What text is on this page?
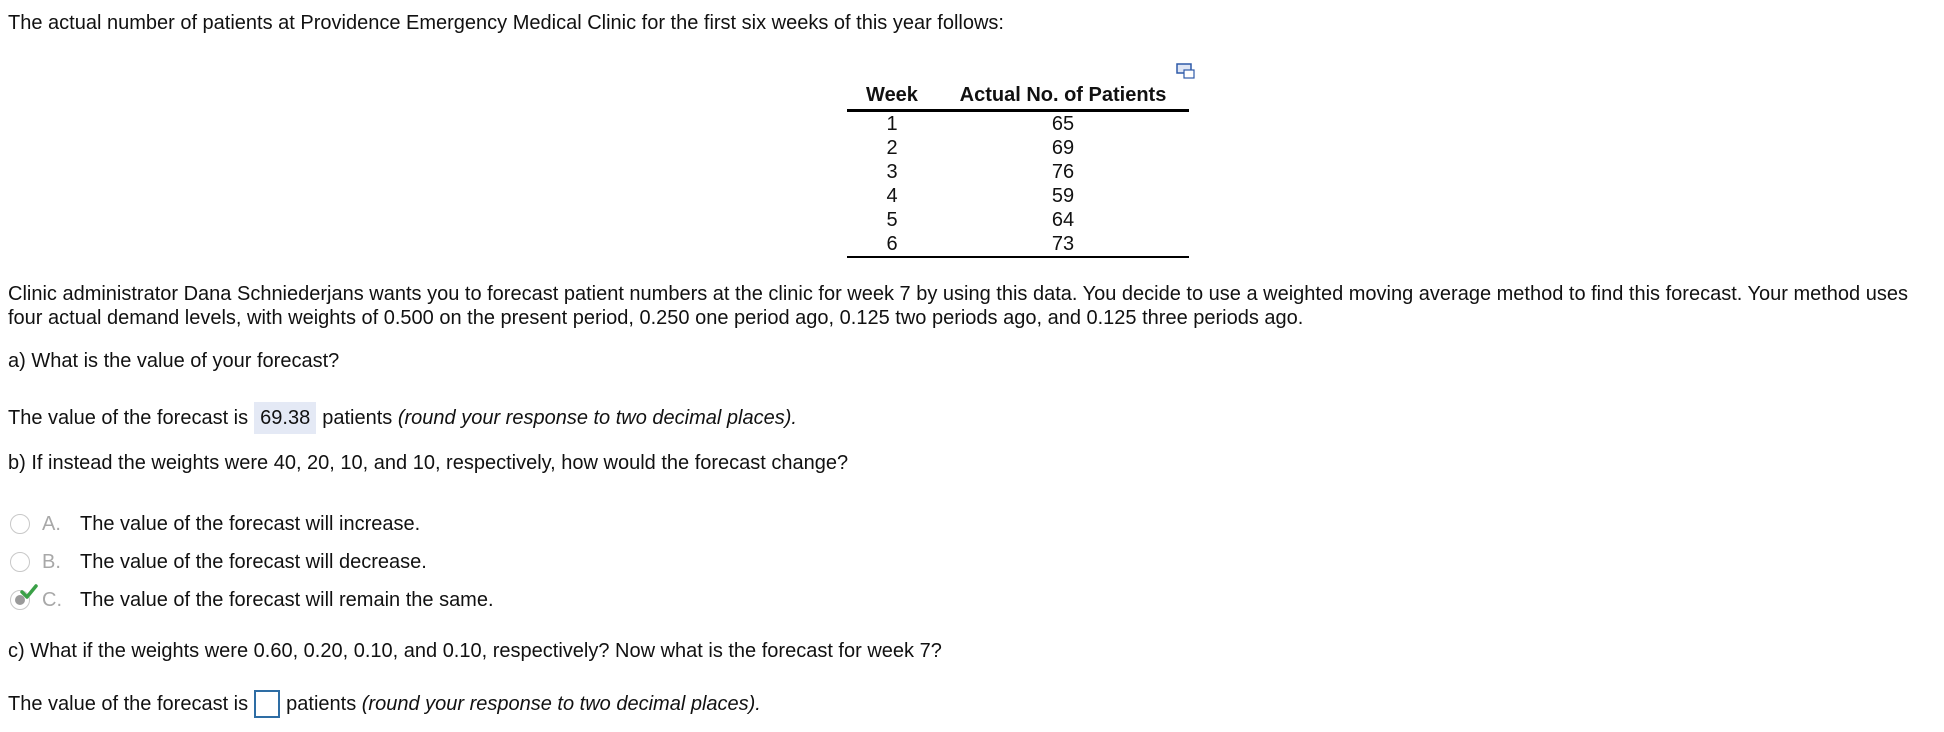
The actual number of patients at Providence Emergency Medical Clinic for the first six weeks of this year follows:

Week	Actual No. of Patients
1	65
2	69
3	76
4	59
5	64
6	73

Clinic administrator Dana Schniederjans wants you to forecast patient numbers at the clinic for week 7 by using this data. You decide to use a weighted moving average method to find this forecast. Your method uses four actual demand levels, with weights of 0.500 on the present period, 0.250 one period ago, 0.125 two periods ago, and 0.125 three periods ago.

a) What is the value of your forecast?

The value of the forecast is 69.38 patients
(round your response to two decimal places).

b) If instead the weights were 40, 20, 10, and 10, respectively, how would the forecast change?

A. The value of the forecast will increase.
B. The value of the forecast will decrease.
C. The value of the forecast will remain the same.

c) What if the weights were 0.60, 0.20, 0.10, and 0.10, respectively? Now what is the forecast for week 7?

The value of the forecast is patients
(round your response to two decimal places).
